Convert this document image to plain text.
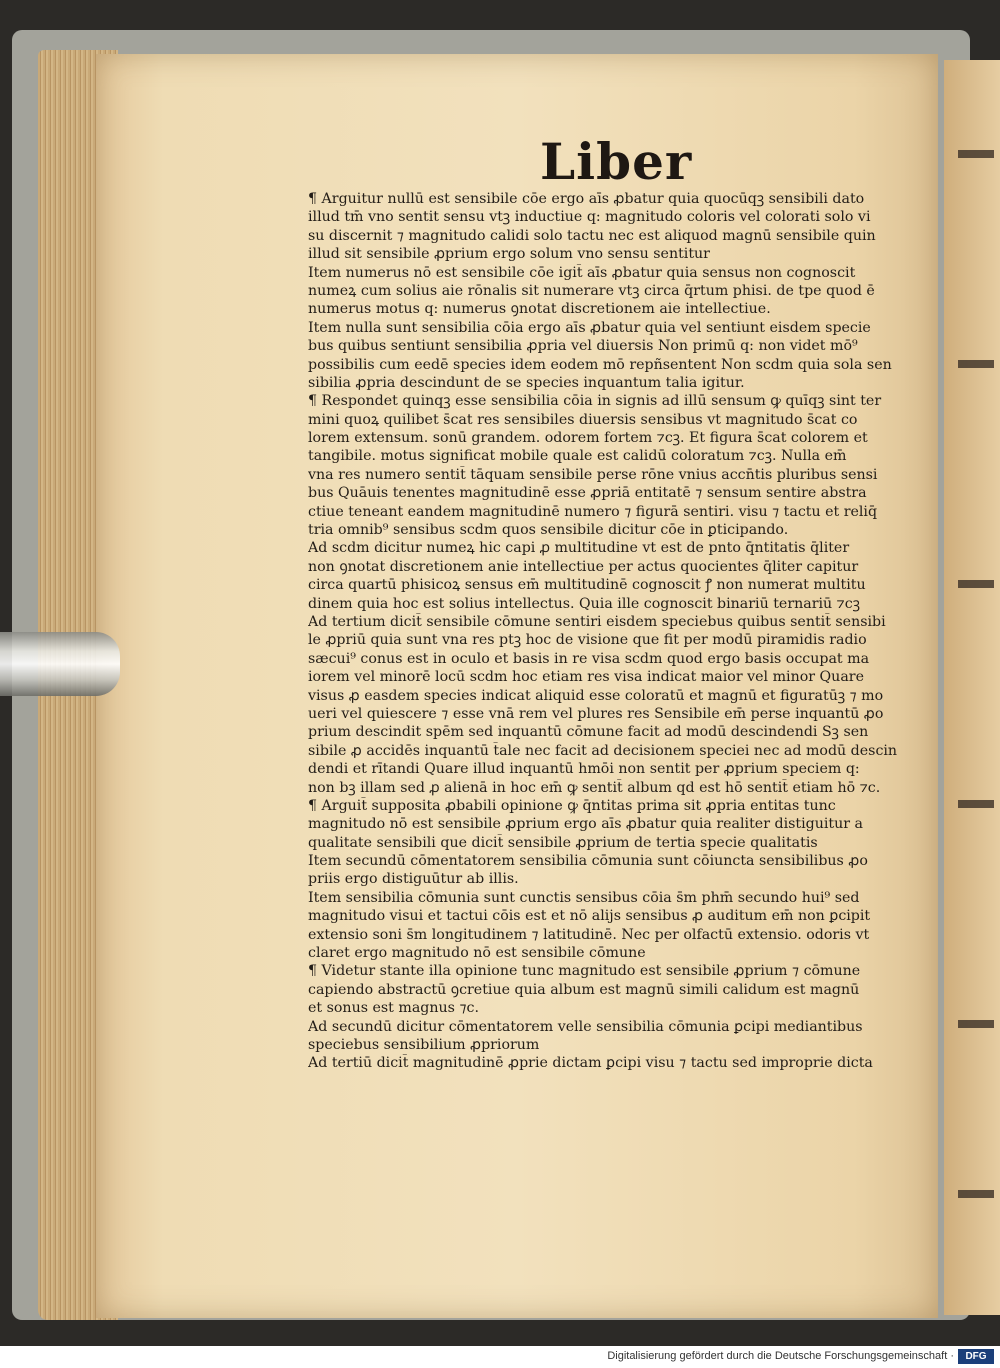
Liber
¶ Arguitur nullū est sensibile cōe ergo aīs ꝓbatur quia quocūqꝫ sensibili dato
illud tm̄ vno sentit sensu vtꝫ inductiue q: magnitudo coloris vel colorati solo vi
su discernit ⁊ magnitudo calidi solo tactu nec est aliquod magnū sensibile quin
illud sit sensibile ꝓprium ergo solum vno sensu sentitur
Item numerus nō est sensibile cōe igit̄ aīs ꝓbatur quia sensus non cognoscit
numeꝝ cum solius aie rōnalis sit numerare vtꝫ circa q̄rtum phisi. de tpe quod ē
numerus motus q: numerus ꝯnotat discretionem aie intellectiue.
Item nulla sunt sensibilia cōia ergo aīs ꝓbatur quia vel sentiunt eisdem specie
bus quibus sentiunt sensibilia ꝓpria vel diuersis Non primū q: non videt mō⁹
possibilis cum eedē species idem eodem mō repñsentent Non scdm quia sola sen
sibilia ꝓpria descindunt de se species inquantum talia igitur.
¶ Respondet quinqꝫ esse sensibilia cōia in signis ad illū sensum ꝙ quīqꝫ sint ter
mini quoꝝ quilibet s̄cat res sensibiles diuersis sensibus vt magnitudo s̄cat co
lorem extensum. sonū grandem. odorem fortem ⁊cꝫ. Et figura s̄cat colorem et
tangibile. motus significat mobile quale est calidū coloratum ⁊cꝫ. Nulla em̄
vna res numero sentit̄ tāquam sensibile perse rōne vnius accn̄tis pluribus sensi
bus Quāuis tenentes magnitudinē esse ꝓpriā entitatē ⁊ sensum sentire abstra
ctiue teneant eandem magnitudinē numero ⁊ figurā sentiri. visu ⁊ tactu et reliq̄
tria omnib⁹ sensibus scdm quos sensibile dicitur cōe in ꝑticipando.
Ad scdm dicitur numeꝝ hic capi ꝓ multitudine vt est de pnto q̄ntitatis q̄liter
non ꝯnotat discretionem anie intellectiue per actus quocientes q̄liter capitur
circa quartū phisicoꝝ sensus em̄ multitudinē cognoscit ꝭ non numerat multitu
dinem quia hoc est solius intellectus. Quia ille cognoscit binariū ternariū ⁊cꝫ
Ad tertium dicit̄ sensibile cōmune sentiri eisdem speciebus quibus sentit̄ sensibi
le ꝓpriū quia sunt vna res ptꝫ hoc de visione que fit per modū piramidis radio
sæcui⁹ conus est in oculo et basis in re visa scdm quod ergo basis occupat ma
iorem vel minorē locū scdm hoc etiam res visa indicat maior vel minor Quare
visus ꝓ easdem species indicat aliquid esse coloratū et magnū et figuratūꝫ ⁊ mo
ueri vel quiescere ⁊ esse vnā rem vel plures res Sensibile em̄ perse inquantū ꝓo
prium descindit spēm sed inquantū cōmune facit ad modū descindendi Sꝫ sen
sibile ꝓ accidēs inquantū t̄ale nec facit ad decisionem speciei nec ad modū descin
dendi et rītandi Quare illud inquantū hmōi non sentit per ꝓprium speciem q:
non bꝫ illam sed ꝓ alienā in hoc em̄ ꝙ sentit̄ album qd est hō sentit̄ etiam hō ⁊c.
¶ Arguit̄ supposita ꝓbabili opinione ꝙ q̄ntitas prima sit ꝓpria entitas tunc
magnitudo nō est sensibile ꝓprium ergo aīs ꝓbatur quia realiter distiguitur a
qualitate sensibili que dicit̄ sensibile ꝓprium de tertia specie qualitatis
Item secundū cōmentatorem sensibilia cōmunia sunt cōiuncta sensibilibus ꝓo
priis ergo distiguūtur ab illis.
Item sensibilia cōmunia sunt cunctis sensibus cōia s̄m phm̄ secundo hui⁹ sed
magnitudo visui et tactui cōis est et nō alijs sensibus ꝓ auditum em̄ non ꝑcipit
extensio soni s̄m longitudinem ⁊ latitudinē. Nec per olfactū extensio. odoris vt
claret ergo magnitudo nō est sensibile cōmune
¶ Videtur stante illa opinione tunc magnitudo est sensibile ꝓprium ⁊ cōmune
capiendo abstractū ꝯcretiue quia album est magnū simili calidum est magnū
et sonus est magnus ⁊c.
Ad secundū dicitur cōmentatorem velle sensibilia cōmunia ꝑcipi mediantibus
speciebus sensibilium ꝓpriorum
Ad tertiū dicit̄ magnitudinē ꝓprie dictam ꝑcipi visu ⁊ tactu sed improprie dicta
Digitalisierung gefördert durch die Deutsche Forschungsgemeinschaft ·	DFG
